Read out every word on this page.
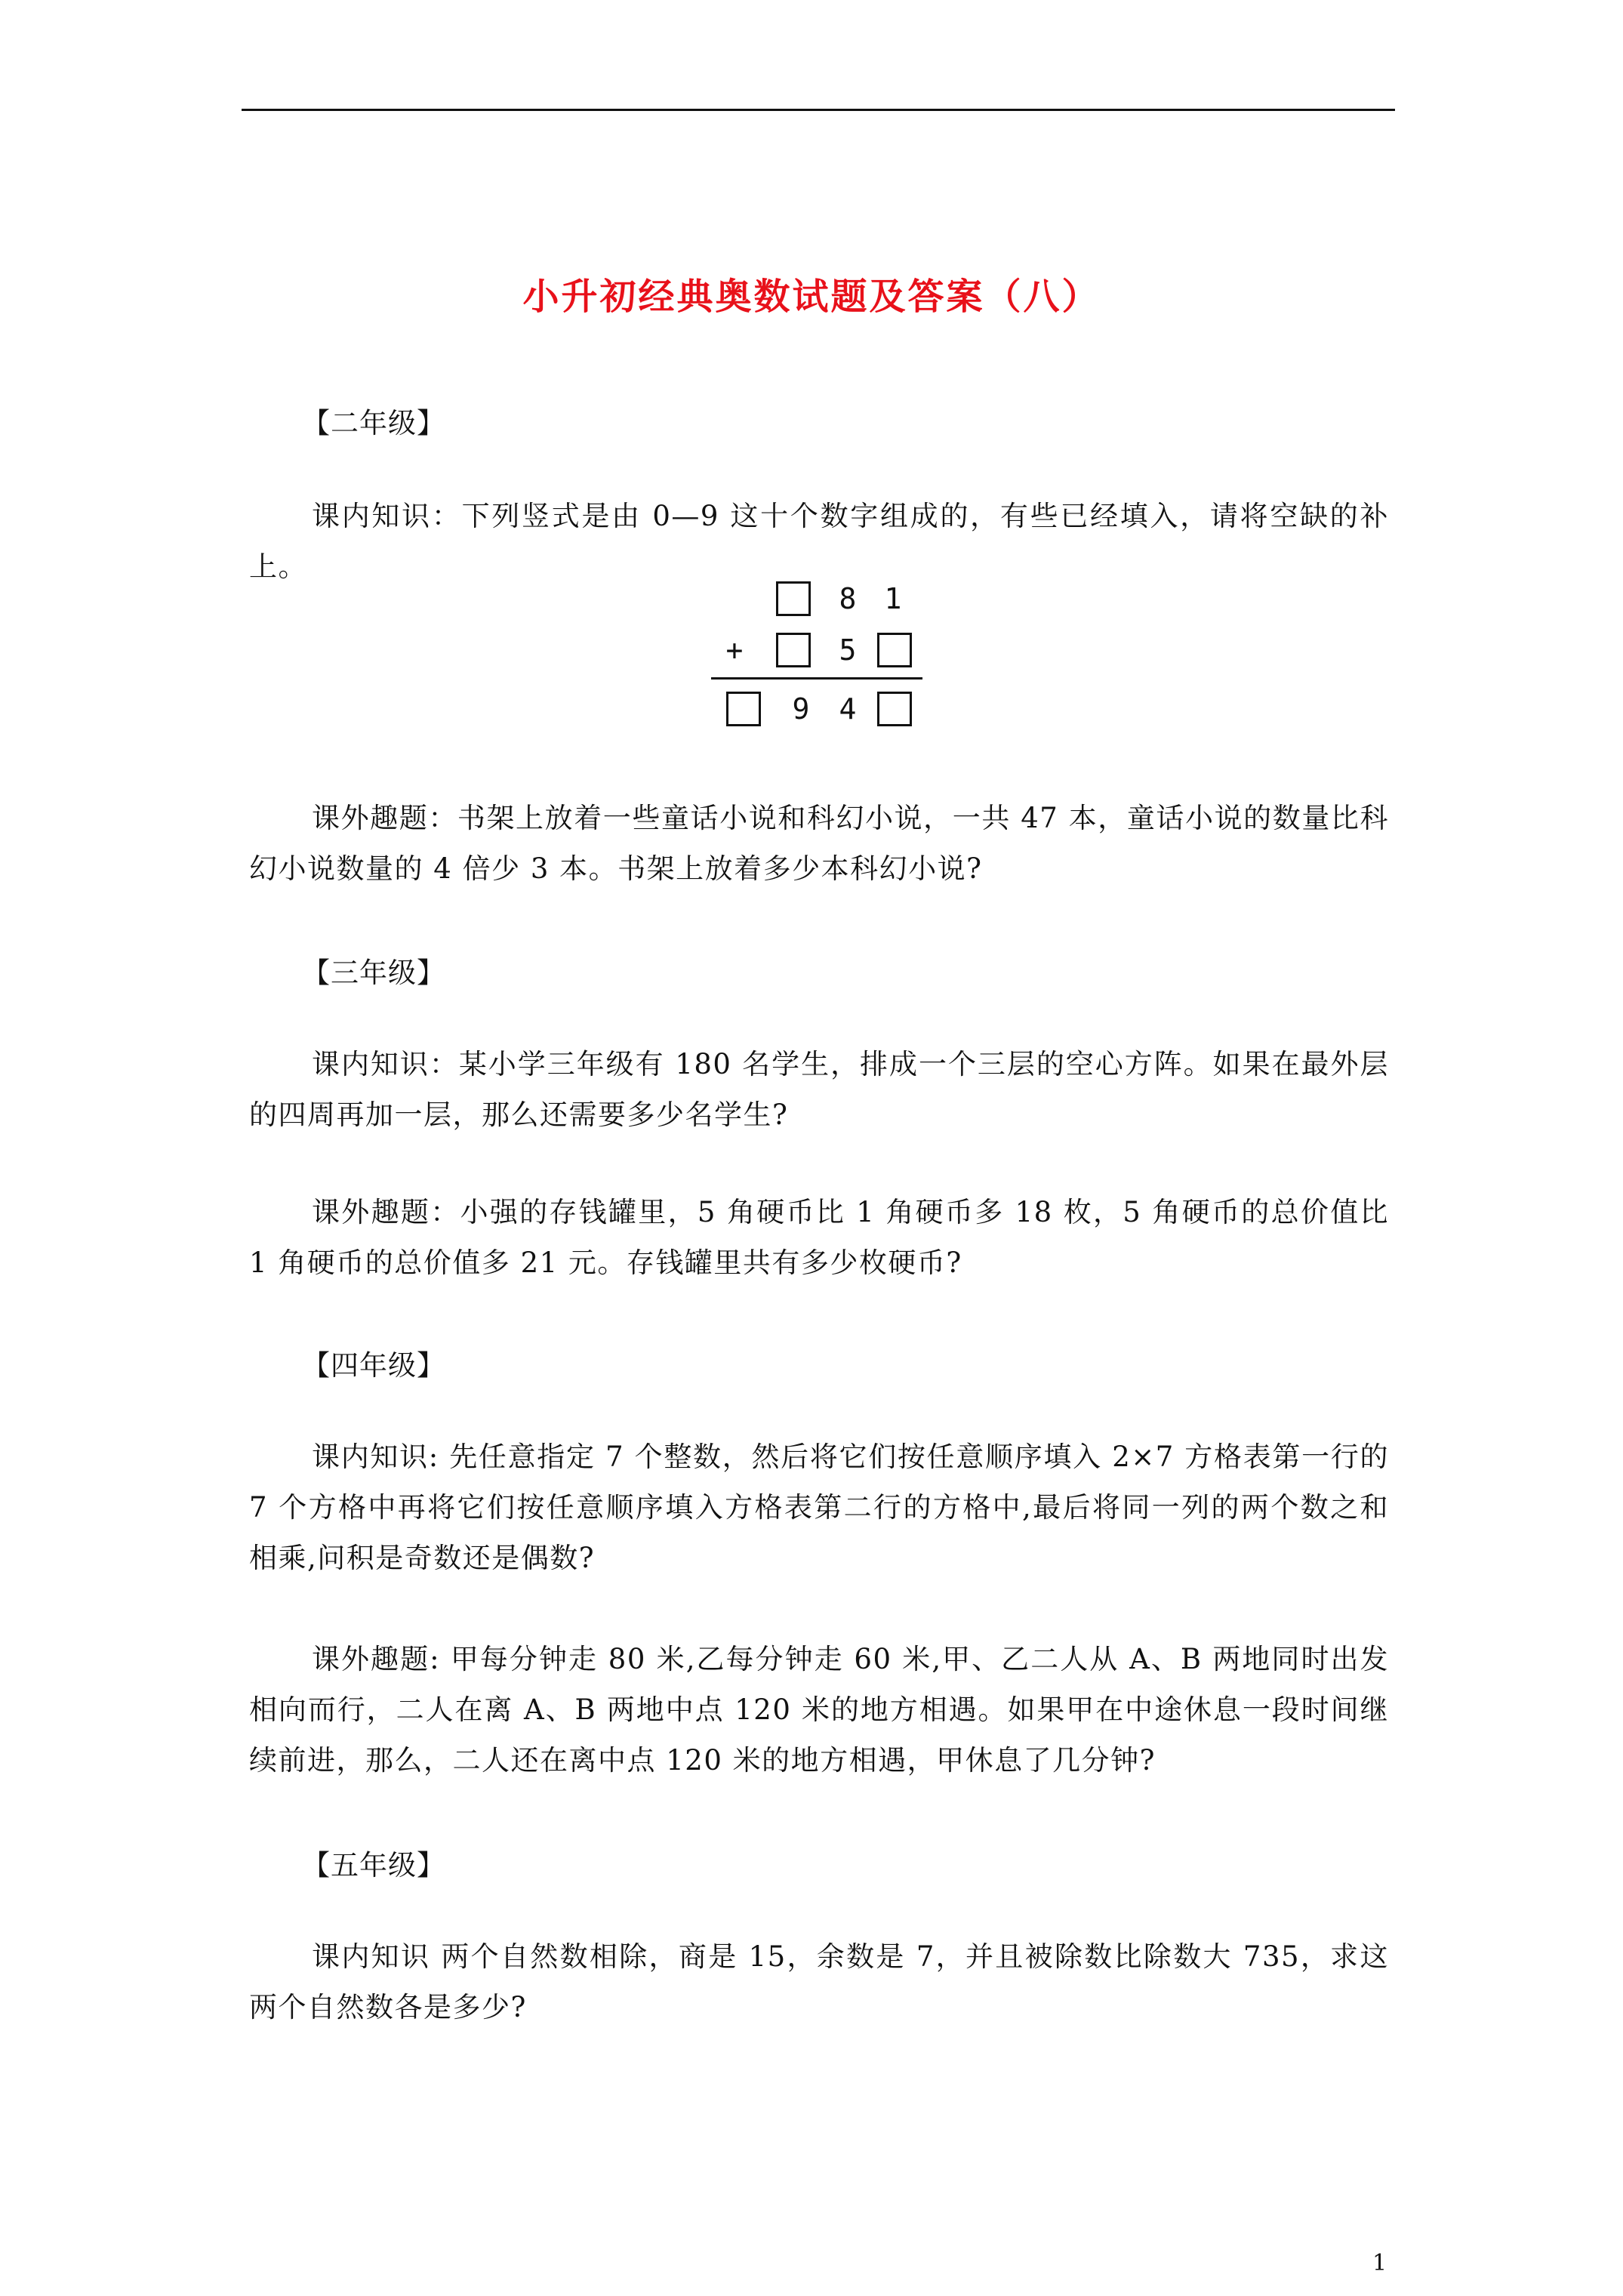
小升初经典奥数试题及答案（八）
【二年级】
课内知识：下列竖式是由 0—9 这十个数字组成的，有些已经填入，请将空缺的补上。
8 1
+	5
9	4
课外趣题：书架上放着一些童话小说和科幻小说，一共 47 本，童话小说的数量比科幻小说数量的 4 倍少 3 本。书架上放着多少本科幻小说?
【三年级】
课内知识：某小学三年级有 180 名学生，排成一个三层的空心方阵。如果在最外层的四周再加一层，那么还需要多少名学生?
课外趣题：小强的存钱罐里，5 角硬币比 1 角硬币多 18 枚，5 角硬币的总价值比 1 角硬币的总价值多 21 元。存钱罐里共有多少枚硬币?
【四年级】
课内知识: 先任意指定 7 个整数，然后将它们按任意顺序填入 2×7 方格表第一行的 7 个方格中再将它们按任意顺序填入方格表第二行的方格中,最后将同一列的两个数之和相乘,问积是奇数还是偶数?
课外趣题: 甲每分钟走 80 米,乙每分钟走 60 米,甲、乙二人从 A、B 两地同时出发相向而行，二人在离 A、B 两地中点 120 米的地方相遇。如果甲在中途休息一段时间继续前进，那么，二人还在离中点 120 米的地方相遇，甲休息了几分钟?
【五年级】
课内知识 两个自然数相除，商是 15，余数是 7，并且被除数比除数大 735，求这两个自然数各是多少?
1
